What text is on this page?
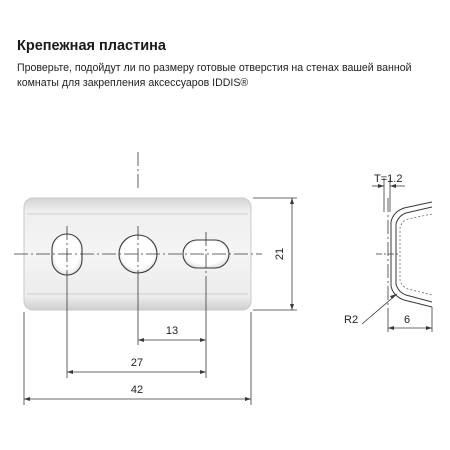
Крепежная пластина

Проверьте, подойдут ли по размеру готовые отверстия на стенах вашей ванной комнаты для закрепления аксессуаров IDDIS®

13
27
42
21
T=1.2
R2	6
